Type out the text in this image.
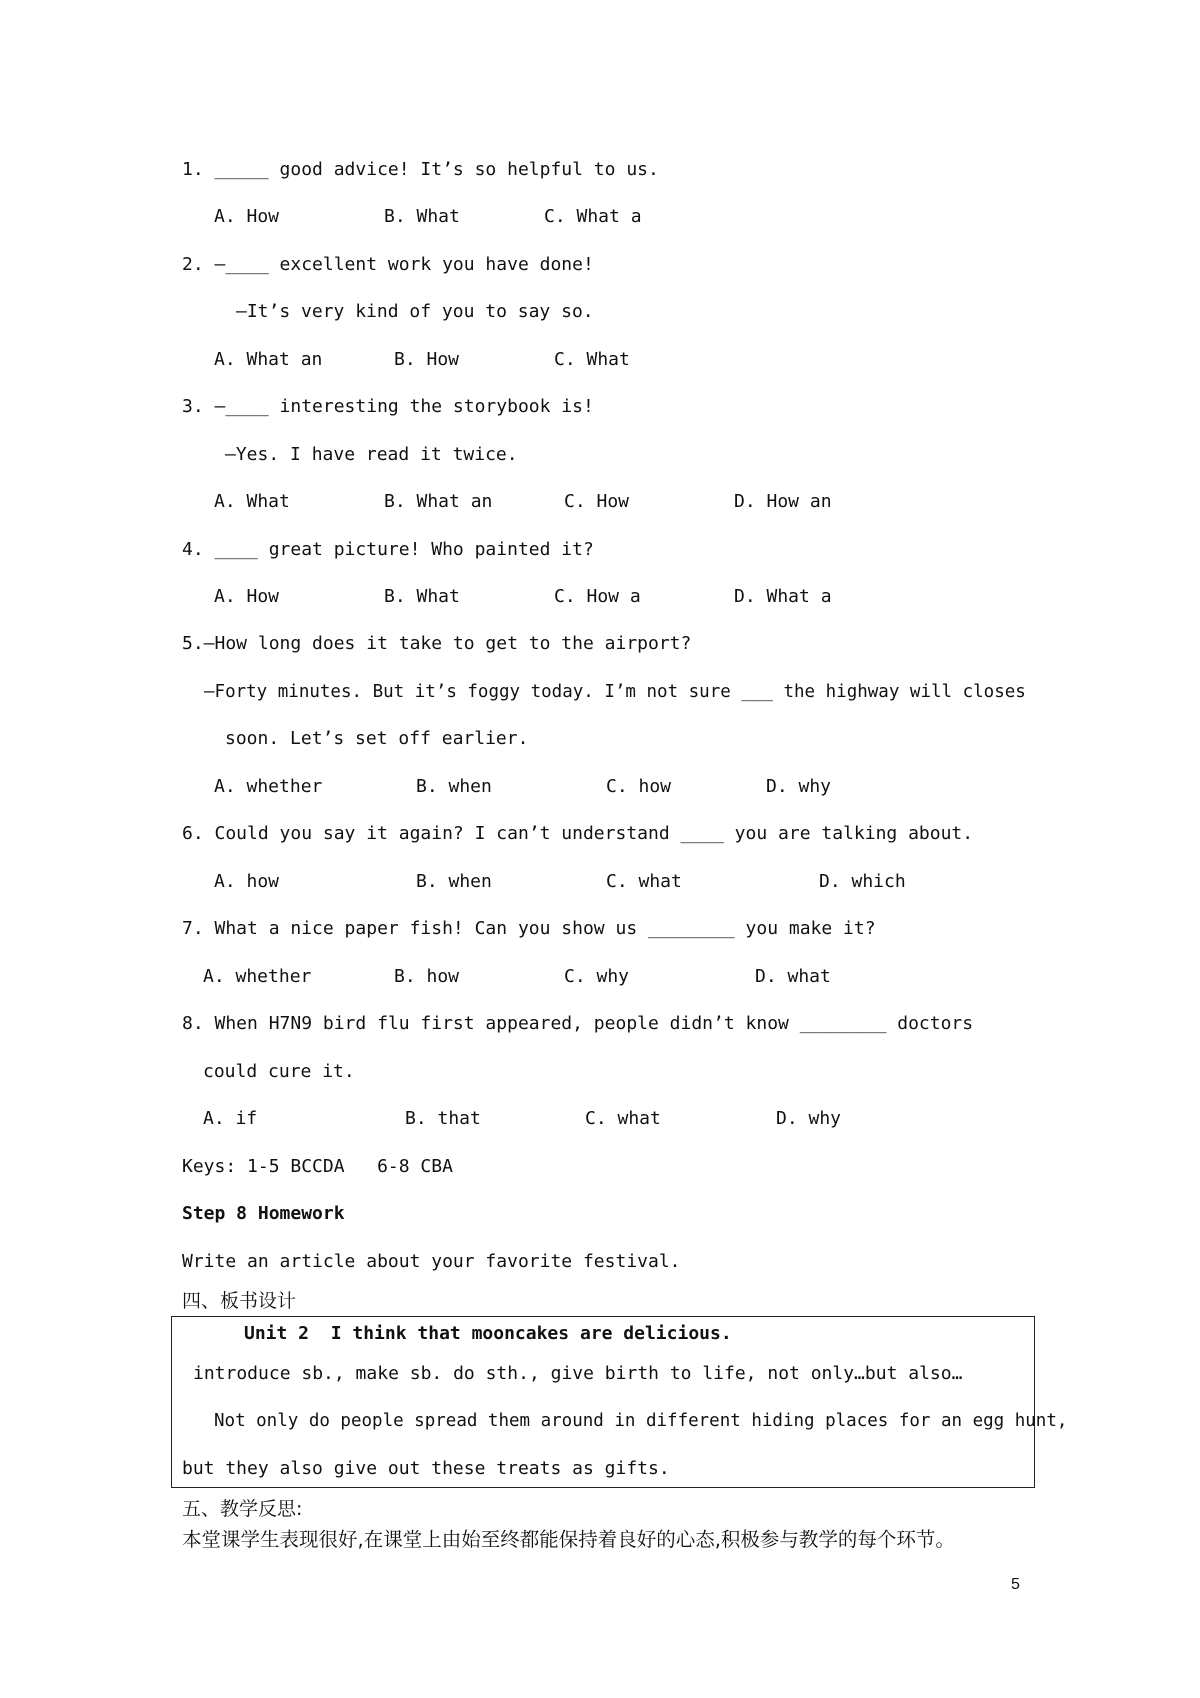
1. _____ good advice! It’s so helpful to us.
A. How	B. What	C. What a
2. —____ excellent work you have done!
—It’s very kind of you to say so.
A. What an	B. How	C. What
3. —____ interesting the storybook is!
—Yes. I have read it twice.
A. What	B. What an	C. How	D. How an
4. ____ great picture! Who painted it?
A. How	B. What	C. How a	D. What a
5.—How long does it take to get to the airport?
—Forty minutes. But it’s foggy today. I’m not sure ___ the highway will closes
soon. Let’s set off earlier.
A. whether	B. when	C. how	D. why
6. Could you say it again? I can’t understand ____ you are talking about.
A. how	B. when	C. what	D. which
7. What a nice paper fish! Can you show us ________ you make it?
A. whether	B. how	C. why	D. what
8. When H7N9 bird flu first appeared, people didn’t know ________ doctors
could cure it.
A. if	B. that	C. what	D. why
Keys: 1-5 BCCDA   6-8 CBA
Step 8 Homework
Write an article about your favorite festival.
四、板书设计
Unit 2  I think that mooncakes are delicious.
introduce sb., make sb. do sth., give birth to life, not only…but also…
Not only do people spread them around in different hiding places for an egg hunt,
but they also give out these treats as gifts.
五、教学反思:
本堂课学生表现很好,在课堂上由始至终都能保持着良好的心态,积极参与教学的每个环节。
5
